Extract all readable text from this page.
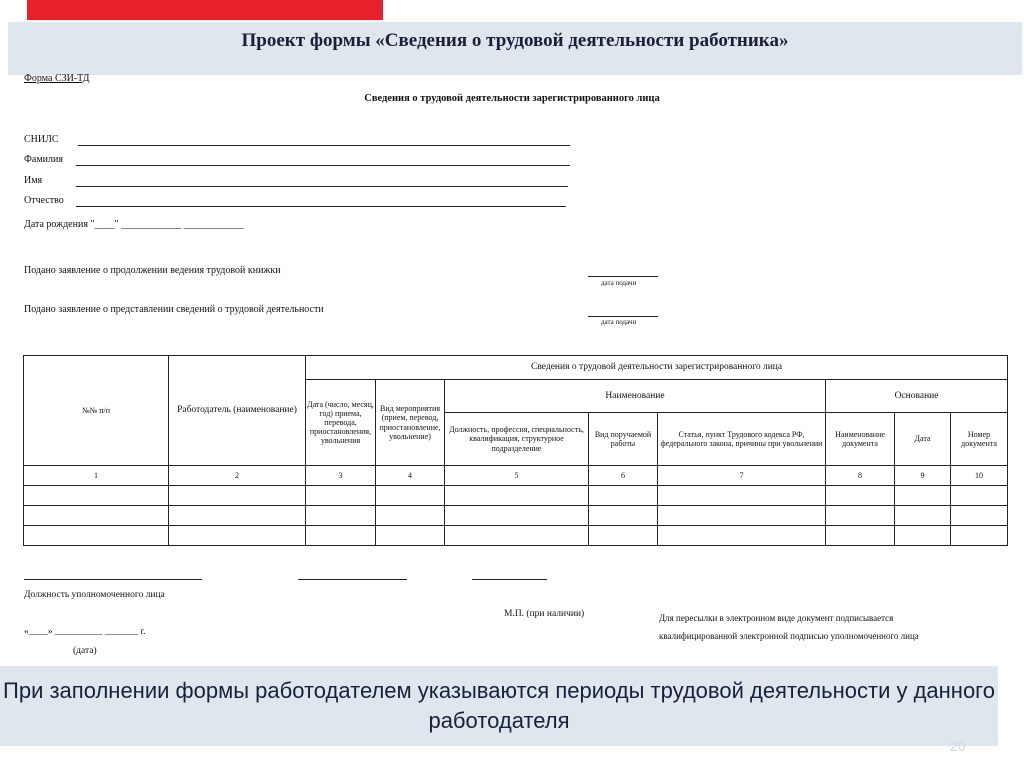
Проект формы «Сведения о трудовой деятельности работника»
Форма СЗИ-ТД
Сведения о трудовой деятельности зарегистрированного лица
СНИЛС
Фамилия
Имя
Отчество
Дата рождения "____" ____________ ____________
Подано заявление о продолжении ведения трудовой книжки
дата подачи
Подано заявление о представлении сведений о трудовой деятельности
дата подачи
№№ п/п	Работодатель (наименование)	Сведения о трудовой деятельности зарегистрированного лица							
		Дата (число, месяц, год) приема, перевода, приостановления, увольнения	Вид мероприятия (прием, перевод, приостановление, увольнение)	Наименование			Основание		
				Должность, профессия, специальность, квалификация, структурное подразделение	Вид поручаемой работы	Статья, пункт Трудового кодекса РФ, федерального закона, причины при увольнении	Наименование документа	Дата	Номер документа
1	2	3	4	5	6	7	8	9	10

Должность уполномоченного лица
М.П. (при наличии)	Для пересылки в электронном виде документ подписывается
квалифицированной электронной подписью уполномоченного лица
«____» __________ _______ г.
(дата)
При заполнении формы работодателем указываются периоды трудовой деятельности у данного работодателя
20
